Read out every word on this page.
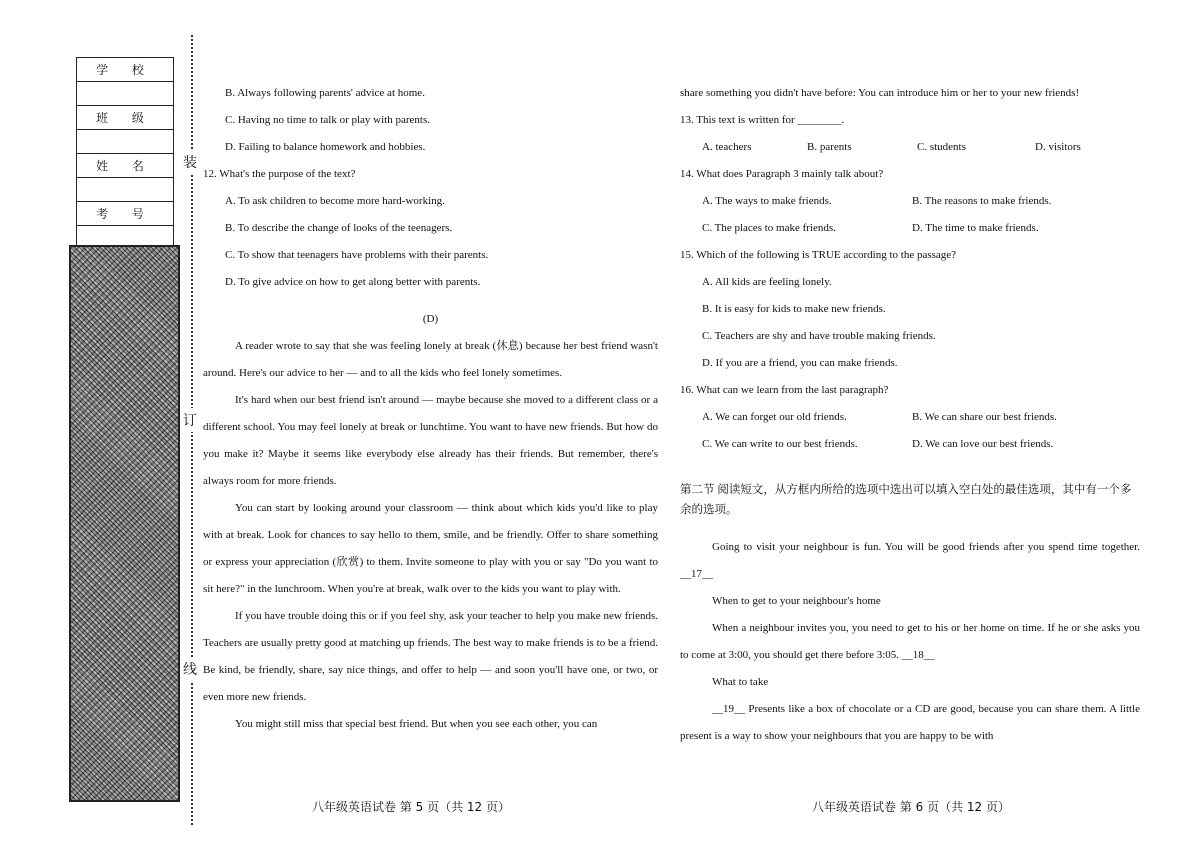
学 校

班 级

姓 名

考 号

装
订
线

B. Always following parents' advice at home.

C. Having no time to talk or play with parents.

D. Failing to balance homework and hobbies.

12. What's the purpose of the text?

A. To ask children to become more hard-working.

B. To describe the change of looks of the teenagers.

C. To show that teenagers have problems with their parents.

D. To give advice on how to get along better with parents.

(D)

A reader wrote to say that she was feeling lonely at break (休息) because her best friend wasn't around. Here's our advice to her — and to all the kids who feel lonely sometimes.

It's hard when our best friend isn't around — maybe because she moved to a different class or a different school. You may feel lonely at break or lunchtime. You want to have new friends. But how do you make it? Maybe it seems like everybody else already has their friends. But remember, there's always room for more friends.

You can start by looking around your classroom — think about which kids you'd like to play with at break. Look for chances to say hello to them, smile, and be friendly. Offer to share something or express your appreciation (欣赏) to them. Invite someone to play with you or say "Do you want to sit here?" in the lunchroom. When you're at break, walk over to the kids you want to play with.

If you have trouble doing this or if you feel shy, ask your teacher to help you make new friends. Teachers are usually pretty good at matching up friends. The best way to make friends is to be a friend. Be kind, be friendly, share, say nice things, and offer to help — and soon you'll have one, or two, or even more new friends.

You might still miss that special best friend. But when you see each other, you can

八年级英语试卷 第 5 页（共 12 页）

share something you didn't have before: You can introduce him or her to your new friends!

13. This text is written for ________.

A. teachers	B. parents	C. students	D. visitors

14. What does Paragraph 3 mainly talk about?

A. The ways to make friends.	B. The reasons to make friends.
C. The places to make friends.	D. The time to make friends.

15. Which of the following is TRUE according to the passage?

A. All kids are feeling lonely.

B. It is easy for kids to make new friends.

C. Teachers are shy and have trouble making friends.

D. If you are a friend, you can make friends.

16. What can we learn from the last paragraph?

A. We can forget our old friends.	B. We can share our best friends.
C. We can write to our best friends.	D. We can love our best friends.

第二节 阅读短文，从方框内所给的选项中选出可以填入空白处的最佳选项，其中有一个多余的选项。

Going to visit your neighbour is fun. You will be good friends after you spend time together. __17__

When to get to your neighbour's home

When a neighbour invites you, you need to get to his or her home on time. If he or she asks you to come at 3:00, you should get there before 3:05. __18__

What to take

__19__ Presents like a box of chocolate or a CD are good, because you can share them. A little present is a way to show your neighbours that you are happy to be with

八年级英语试卷 第 6 页（共 12 页）
